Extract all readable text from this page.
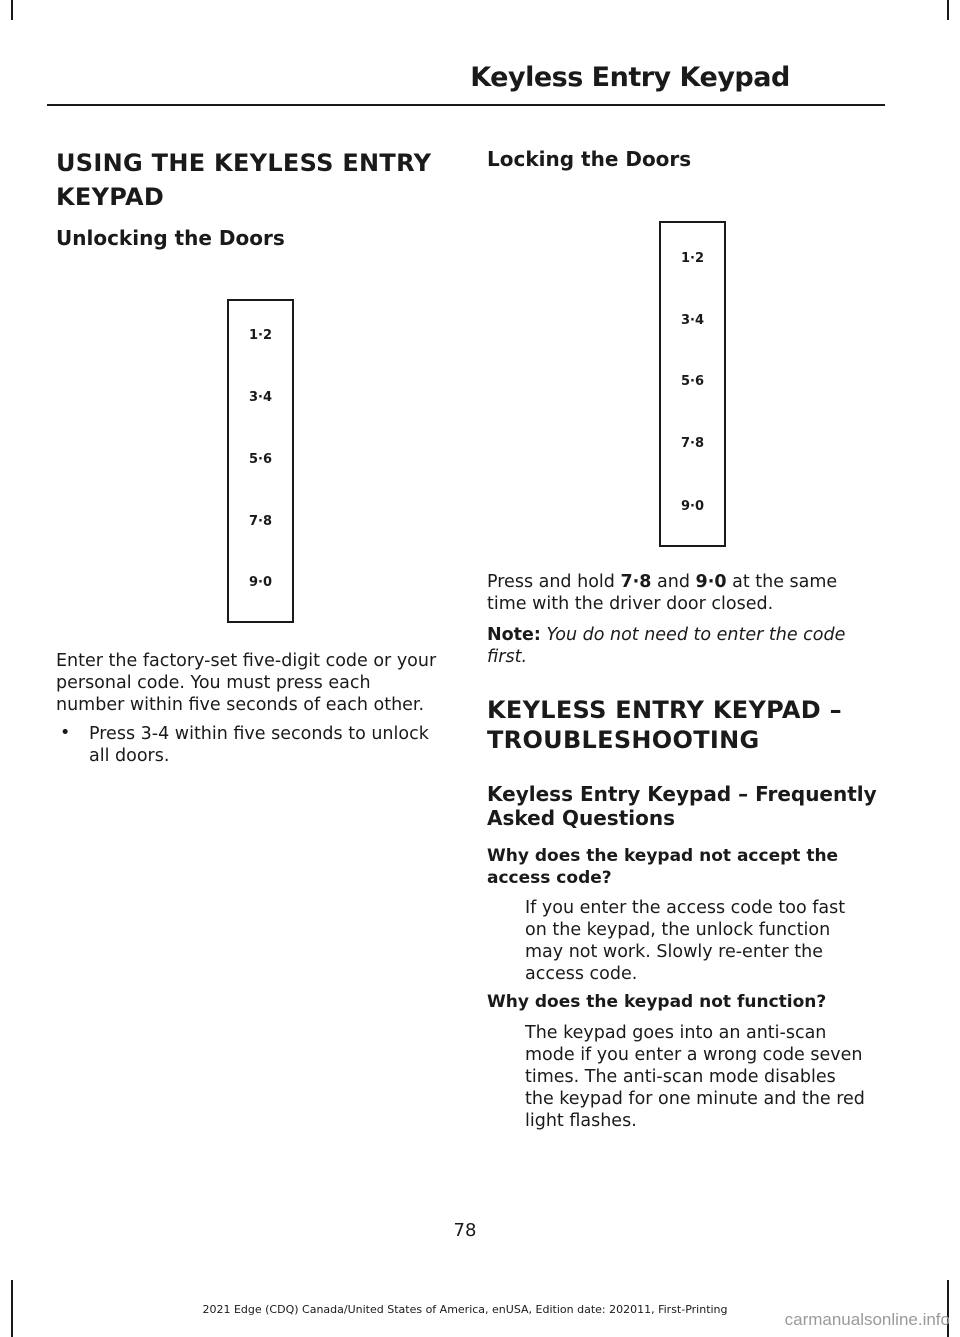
Keyless Entry Keypad

USING THE KEYLESS ENTRY

KEYPAD

Unlocking the Doors

1·2
3·4
5·6
7·8
9·0

Enter the factory-set five-digit code or your

personal code. You must press each

number within five seconds of each other.

• Press 3-4 within five seconds to unlock

all doors.

Locking the Doors

1·2
3·4
5·6
7·8
9·0

Press and hold 7·8 and 9·0 at the same

time with the driver door closed.

Note: You do not need to enter the code

first.

KEYLESS ENTRY KEYPAD –

TROUBLESHOOTING

Keyless Entry Keypad – Frequently

Asked Questions

Why does the keypad not accept the

access code?

If you enter the access code too fast

on the keypad, the unlock function

may not work. Slowly re-enter the

access code.

Why does the keypad not function?

The keypad goes into an anti-scan

mode if you enter a wrong code seven

times. The anti-scan mode disables

the keypad for one minute and the red

light flashes.

78
2021 Edge (CDQ) Canada/United States of America, enUSA, Edition date: 202011, First-Printing
carmanualsonline.info
